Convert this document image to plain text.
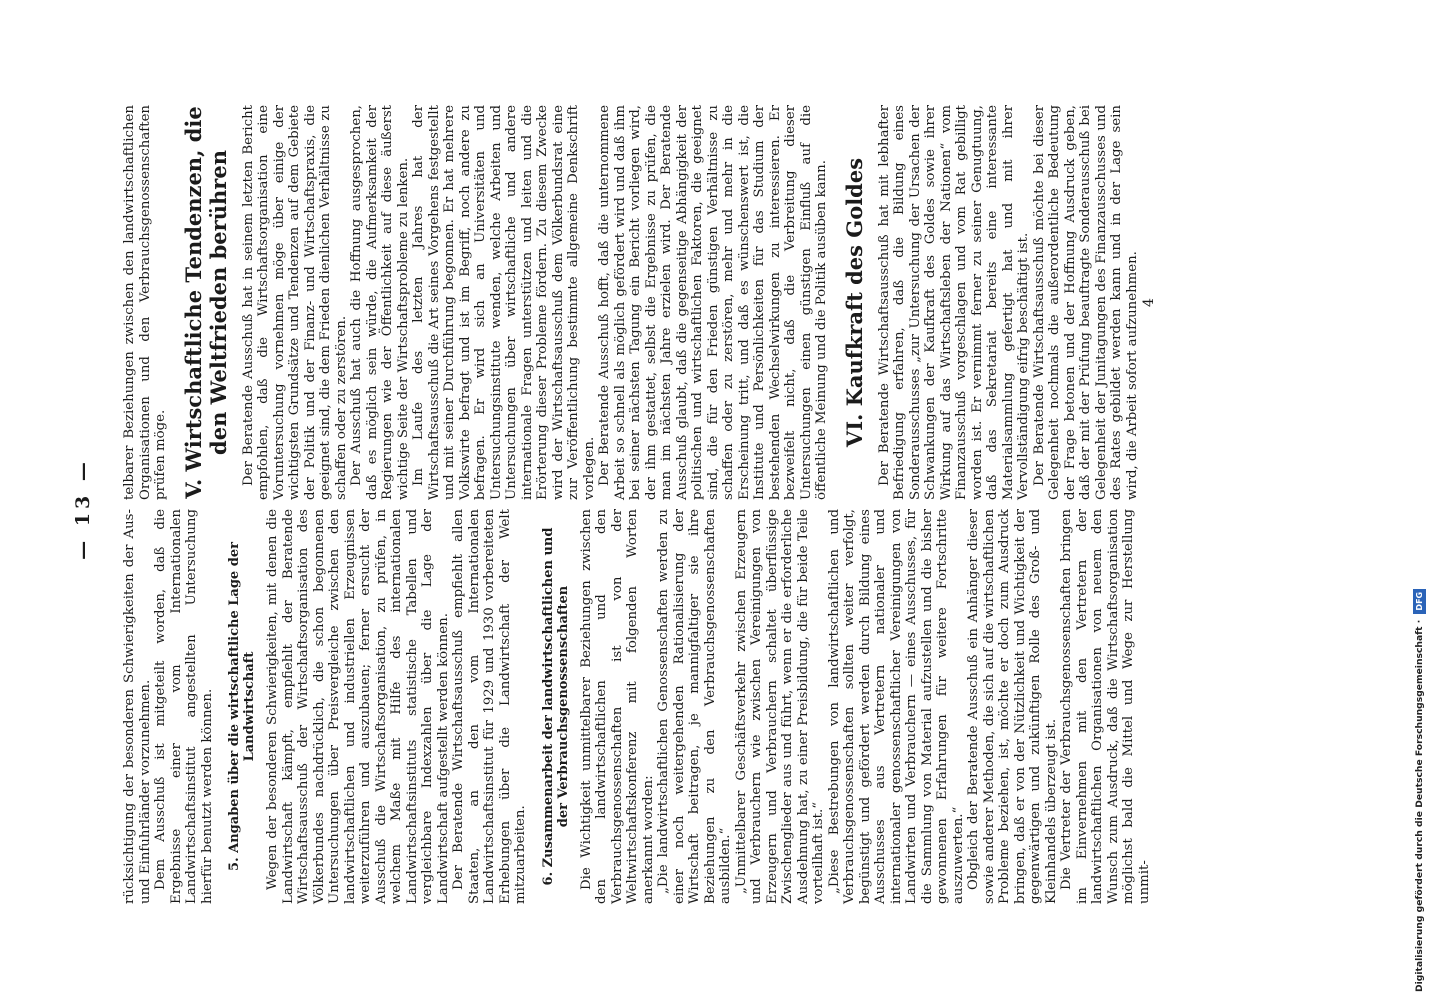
— 13 — rücksichtigung der besonderen Schwierigkeiten der Aus- und Einfuhrländer vorzunehmen. Dem Ausschuß ist mitgeteilt worden, daß die Ergebnisse einer vom Internationalen Landwirtschaftsinstitut angestellten Untersuchung hierfür benutzt werden können. 5. Angaben über die wirtschaftliche Lage der Landwirtschaft Wegen der besonderen Schwierigkeiten, mit denen die Landwirtschaft kämpft, empfiehlt der Beratende Wirtschaftsausschuß der Wirtschaftsorganisation des Völkerbundes nachdrücklich, die schon begonnenen Untersuchungen über Preisvergleiche zwischen den landwirtschaftlichen und industriellen Erzeugnissen weiterzuführen und auszubauen; ferner ersucht der Ausschuß die Wirtschaftsorganisation, zu prüfen, in welchem Maße mit Hilfe des internationalen Landwirtschaftsinstituts statistische Tabellen und vergleichbare Indexzahlen über die Lage der Landwirtschaft aufgestellt werden können. Der Beratende Wirtschaftsausschuß empfiehlt allen Staaten, an den vom Internationalen Landwirtschaftsinstitut für 1929 und 1930 vorbereiteten Erhebungen über die Landwirtschaft der Welt mitzuarbeiten. 6. Zusammenarbeit der landwirtschaftlichen und der Verbrauchsgenossenschaften Die Wichtigkeit unmittelbarer Beziehungen zwischen den landwirtschaftlichen und den Verbrauchsgenossenschaften ist von der Weltwirtschaftskonferenz mit folgenden Worten anerkannt worden: „Die landwirtschaftlichen Genossenschaften werden zu einer noch weitergehenden Rationalisierung der Wirtschaft beitragen, je mannigfaltiger sie ihre Beziehungen zu den Verbrauchsgenossenschaften ausbilden.“ „Unmittelbarer Geschäftsverkehr zwischen Erzeugern und Verbrauchern wie zwischen Vereinigungen von Erzeugern und Verbrauchern schaltet überflüssige Zwischenglieder aus und führt, wenn er die erforderliche Ausdehnung hat, zu einer Preisbildung, die für beide Teile vorteilhaft ist.“ „Diese Bestrebungen von landwirtschaftlichen und Verbrauchsgenossenschaften sollten weiter verfolgt, begünstigt und gefördert werden durch Bildung eines Ausschusses aus Vertretern nationaler und internationaler genossenschaftlicher Vereinigungen von Landwirten und Verbrauchern — eines Ausschusses, für die Sammlung von Material aufzustellen und die bisher gewonnenen Erfahrungen für weitere Fortschritte auszuwerten.“ Obgleich der Beratende Ausschuß ein Anhänger dieser sowie anderer Methoden, die sich auf die wirtschaftlichen Probleme beziehen, ist, möchte er doch zum Ausdruck bringen, daß er von der Nützlichkeit und Wichtigkeit der gegenwärtigen und zukünftigen Rolle des Groß- und Kleinhandels überzeugt ist. Die Vertreter der Verbrauchsgenossenschaften bringen im Einvernehmen mit den Vertretern der landwirtschaftlichen Organisationen von neuem den Wunsch zum Ausdruck, daß die Wirtschaftsorganisation möglichst bald die Mittel und Wege zur Herstellung unmit-

telbarer Beziehungen zwischen den landwirtschaftlichen Organisationen und den Verbrauchsgenossenschaften prüfen möge. V. Wirtschaftliche Tendenzen, die den Weltfrieden berühren Der Beratende Ausschuß hat in seinem letzten Bericht empfohlen, daß die Wirtschaftsorganisation eine Voruntersuchung vornehmen möge über einige der wichtigsten Grundsätze und Tendenzen auf dem Gebiete der Politik und der Finanz- und Wirtschaftspraxis, die geeignet sind, die dem Frieden dienlichen Verhältnisse zu schaffen oder zu zerstören. Der Ausschuß hat auch die Hoffnung ausgesprochen, daß es möglich sein würde, die Aufmerksamkeit der Regierungen wie der Öffentlichkeit auf diese äußerst wichtige Seite der Wirtschaftsprobleme zu lenken. Im Laufe des letzten Jahres hat der Wirtschaftsausschuß die Art seines Vorgehens festgestellt und mit seiner Durchführung begonnen. Er hat mehrere Volkswirte befragt und ist im Begriff, noch andere zu befragen. Er wird sich an Universitäten und Untersuchungsinstitute wenden, welche Arbeiten und Untersuchungen über wirtschaftliche und andere internationale Fragen unterstützen und leiten und die Erörterung dieser Probleme fördern. Zu diesem Zwecke wird der Wirtschaftsausschuß dem Völkerbundsrat eine zur Veröffentlichung bestimmte allgemeine Denkschrift vorlegen. Der Beratende Ausschuß hofft, daß die unternommene Arbeit so schnell als möglich gefördert wird und daß ihm bei seiner nächsten Tagung ein Bericht vorliegen wird, der ihm gestattet, selbst die Ergebnisse zu prüfen, die man im nächsten Jahre erzielen wird. Der Beratende Ausschuß glaubt, daß die gegenseitige Abhängigkeit der politischen und wirtschaftlichen Faktoren, die geeignet sind, die für den Frieden günstigen Verhältnisse zu schaffen oder zu zerstören, mehr und mehr in die Erscheinung tritt, und daß es wünschenswert ist, die Institute und Persönlichkeiten für das Studium der bestehenden Wechselwirkungen zu interessieren. Er bezweifelt nicht, daß die Verbreitung dieser Untersuchungen einen günstigen Einfluß auf die öffentliche Meinung und die Politik ausüben kann. VI. Kaufkraft des Goldes Der Beratende Wirtschaftsausschuß hat mit lebhafter Befriedigung erfahren, daß die Bildung eines Sonderausschusses „zur Untersuchung der Ursachen der Schwankungen der Kaufkraft des Goldes sowie ihrer Wirkung auf das Wirtschaftsleben der Nationen“ vom Finanzausschuß vorgeschlagen und vom Rat gebilligt worden ist. Er vernimmt ferner zu seiner Genugtuung, daß das Sekretariat bereits eine interessante Materialsammlung gefertigt hat und mit ihrer Vervollständigung eifrig beschäftigt ist. Der Beratende Wirtschaftsausschuß möchte bei dieser Gelegenheit nochmals die außerordentliche Bedeutung der Frage betonen und der Hoffnung Ausdruck geben, daß der mit der Prüfung beauftragte Sonderausschuß bei Gelegenheit der Junitagungen des Finanzausschusses und des Rates gebildet werden kann und in der Lage sein wird, die Arbeit sofort aufzunehmen. 4
Digitalisierung gefördert durch die Deutsche Forschungsgemeinschaft · DFG
